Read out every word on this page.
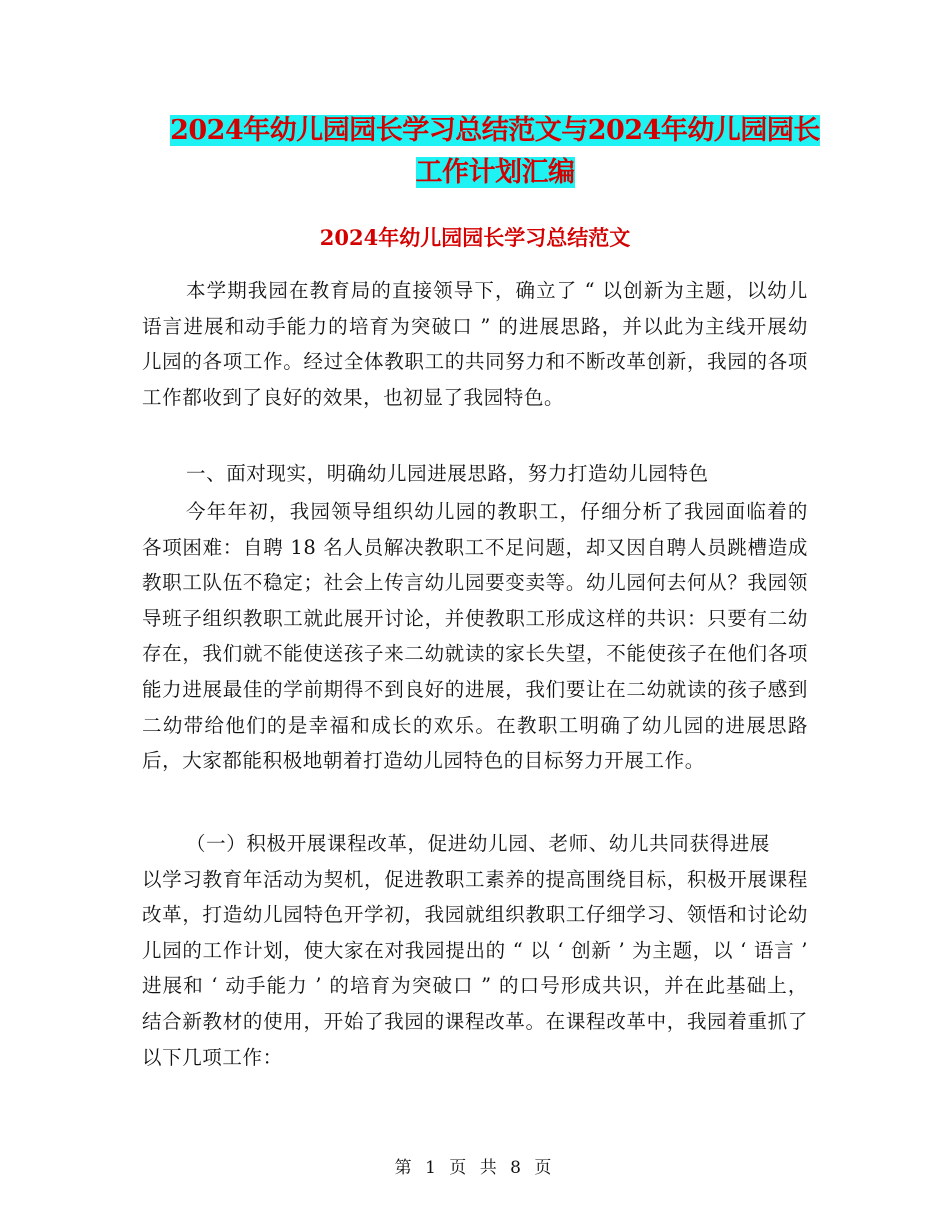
2024年幼儿园园长学习总结范文与2024年幼儿园园长
工作计划汇编
2024年幼儿园园长学习总结范文

本学期我园在教育局的直接领导下，确立了 “ 以创新为主题，以幼儿语言进展和动手能力的培育为突破口 ” 的进展思路，并以此为主线开展幼儿园的各项工作。经过全体教职工的共同努力和不断改革创新，我园的各项工作都收到了良好的效果，也初显了我园特色。

一、面对现实，明确幼儿园进展思路，努力打造幼儿园特色

今年年初，我园领导组织幼儿园的教职工，仔细分析了我园面临着的各项困难：自聘 18 名人员解决教职工不足问题，却又因自聘人员跳槽造成教职工队伍不稳定；社会上传言幼儿园要变卖等。幼儿园何去何从？我园领导班子组织教职工就此展开讨论，并使教职工形成这样的共识：只要有二幼存在，我们就不能使送孩子来二幼就读的家长失望，不能使孩子在他们各项能力进展最佳的学前期得不到良好的进展，我们要让在二幼就读的孩子感到二幼带给他们的是幸福和成长的欢乐。在教职工明确了幼儿园的进展思路后，大家都能积极地朝着打造幼儿园特色的目标努力开展工作。

（一）积极开展课程改革，促进幼儿园、老师、幼儿共同获得进展以学习教育年活动为契机，促进教职工素养的提高围绕目标，积极开展课程改革，打造幼儿园特色开学初，我园就组织教职工仔细学习、领悟和讨论幼儿园的工作计划，使大家在对我园提出的 “ 以 ‘ 创新 ’ 为主题，以 ‘ 语言 ’ 进展和 ‘ 动手能力 ’ 的培育为突破口 ” 的口号形成共识，并在此基础上，结合新教材的使用，开始了我园的课程改革。在课程改革中，我园着重抓了以下几项工作：

第 1 页 共 8 页
